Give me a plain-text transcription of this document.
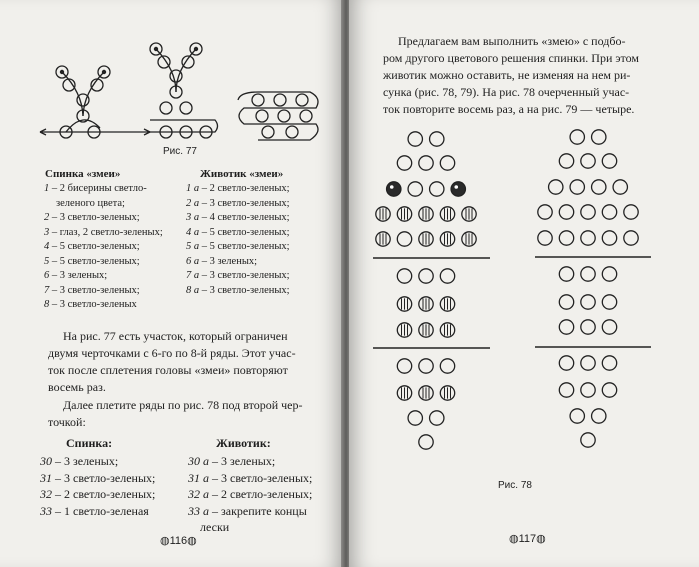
Рис. 77
Спинка «змеи»	Животик «змеи»
1 – 2 бисерины светло-
зеленого цвета;
2 – 3 светло-зеленых;
3 – глаз, 2 светло-зеленых;
4 – 5 светло-зеленых;
5 – 5 светло-зеленых;
6 – 3 зеленых;
7 – 3 светло-зеленых;
8 – 3 светло-зеленых
1 а – 2 светло-зеленых;
2 а – 3 светло-зеленых;
3 а – 4 светло-зеленых;
4 а – 5 светло-зеленых;
5 а – 5 светло-зеленых;
6 а – 3 зеленых;
7 а – 3 светло-зеленых;
8 а – 3 светло-зеленых;
На рис. 77 есть участок, который ограничен
двумя черточками с 6-го по 8-й ряды. Этот учас-
ток после сплетения головы «змеи» повторяют
восемь раз.
Далее плетите ряды по рис. 78 под второй чер-
точкой:
Спинка:	Животик:
30 – 3 зеленых;
31 – 3 светло-зеленых;
32 – 2 светло-зеленых;
33 – 1 светло-зеленая
30 а – 3 зеленых;
31 а – 3 светло-зеленых;
32 а – 2 светло-зеленых;
33 а – закрепите концы
лески
◍116◍
Предлагаем вам выполнить «змею» с подбо-
ром другого цветового решения спинки. При этом
животик можно оставить, не изменяя на нем ри-
сунка (рис. 78, 79). На рис. 78 очерченный учас-
ток повторите восемь раз, а на рис. 79 — четыре.
Рис. 78
◍117◍
